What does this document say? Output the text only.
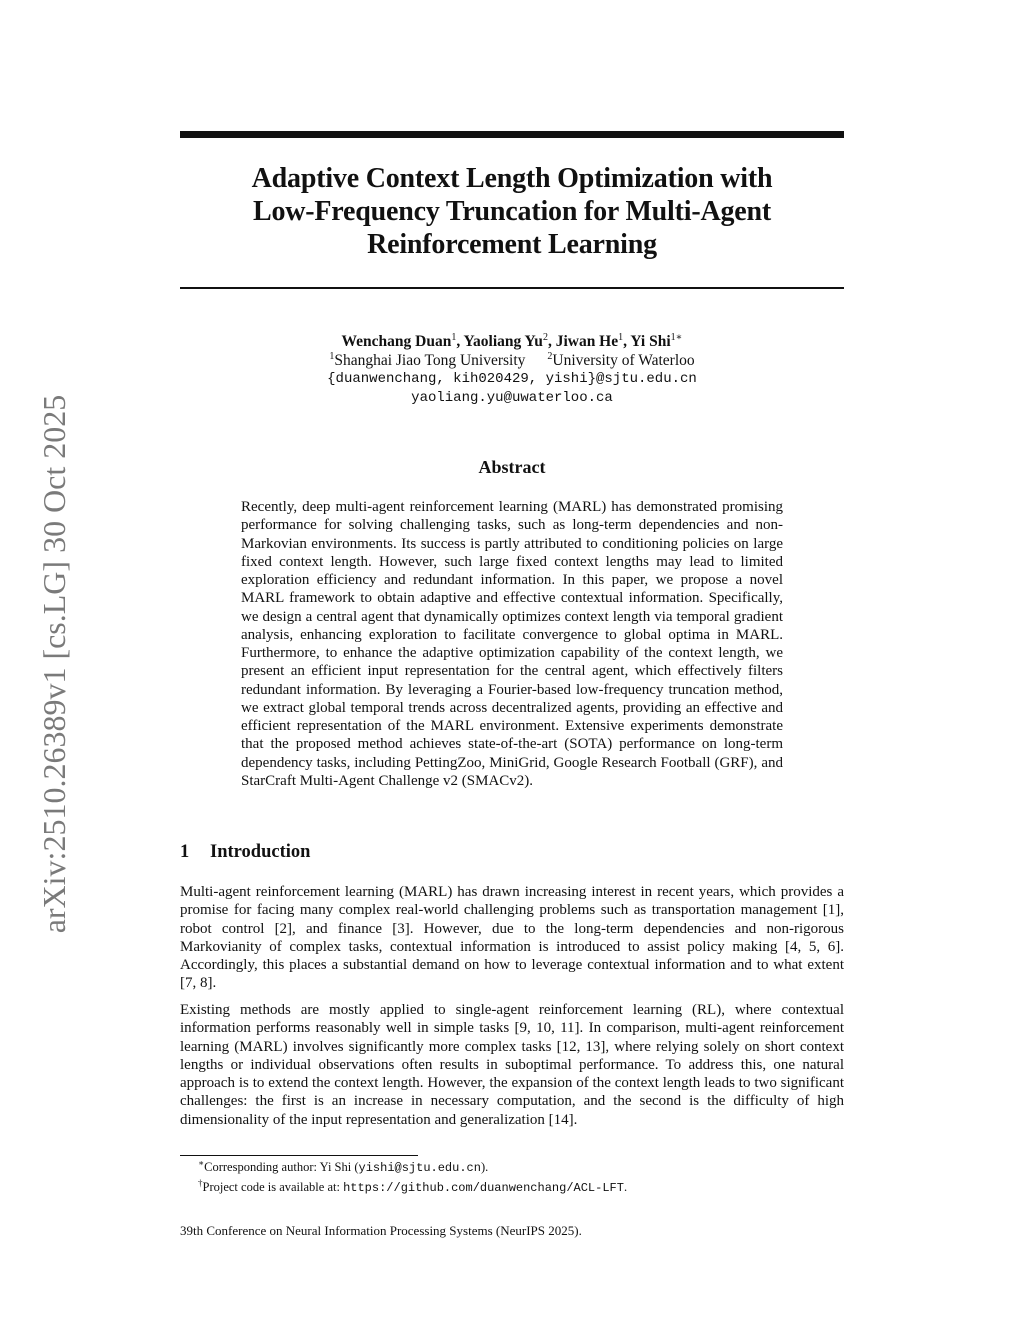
arXiv:2510.26389v1 [cs.LG] 30 Oct 2025
Adaptive Context Length Optimization with
Low-Frequency Truncation for Multi-Agent
Reinforcement Learning
Wenchang Duan$^1$, Yaoliang Yu$^2$, Jiwan He$^1$, Yi Shi$^{1∗}$
$^1$Shanghai Jiao Tong University $^2$University of Waterloo
{duanwenchang, kih020429, yishi}@sjtu.edu.cn
yaoliang.yu@uwaterloo.ca
Abstract
Recently, deep multi-agent reinforcement learning (MARL) has demonstrated promising performance for solving challenging tasks, such as long-term dependencies and non-Markovian environments. Its success is partly attributed to conditioning policies on large fixed context length. However, such large fixed context lengths may lead to limited exploration efficiency and redundant information. In this paper, we propose a novel MARL framework to obtain adaptive and effective contextual information. Specifically, we design a central agent that dynamically optimizes context length via temporal gradient analysis, enhancing exploration to facilitate convergence to global optima in MARL. Furthermore, to enhance the adaptive optimization capability of the context length, we present an efficient input representation for the central agent, which effectively filters redundant information. By leveraging a Fourier-based low-frequency truncation method, we extract global temporal trends across decentralized agents, providing an effective and efficient representation of the MARL environment. Extensive experiments demonstrate that the proposed method achieves state-of-the-art (SOTA) performance on long-term dependency tasks, including PettingZoo, MiniGrid, Google Research Football (GRF), and StarCraft Multi-Agent Challenge v2 (SMACv2).
1 Introduction
Multi-agent reinforcement learning (MARL) has drawn increasing interest in recent years, which provides a promise for facing many complex real-world challenging problems such as transportation management [1], robot control [2], and finance [3]. However, due to the long-term dependencies and non-rigorous Markovianity of complex tasks, contextual information is introduced to assist policy making [4, 5, 6]. Accordingly, this places a substantial demand on how to leverage contextual information and to what extent [7, 8].
Existing methods are mostly applied to single-agent reinforcement learning (RL), where contextual information performs reasonably well in simple tasks [9, 10, 11]. In comparison, multi-agent reinforcement learning (MARL) involves significantly more complex tasks [12, 13], where relying solely on short context lengths or individual observations often results in suboptimal performance. To address this, one natural approach is to extend the context length. However, the expansion of the context length leads to two significant challenges: the first is an increase in necessary computation, and the second is the difficulty of high dimensionality of the input representation and generalization [14].
∗Corresponding author: Yi Shi (yishi@sjtu.edu.cn).
†Project code is available at: https://github.com/duanwenchang/ACL-LFT.
39th Conference on Neural Information Processing Systems (NeurIPS 2025).
